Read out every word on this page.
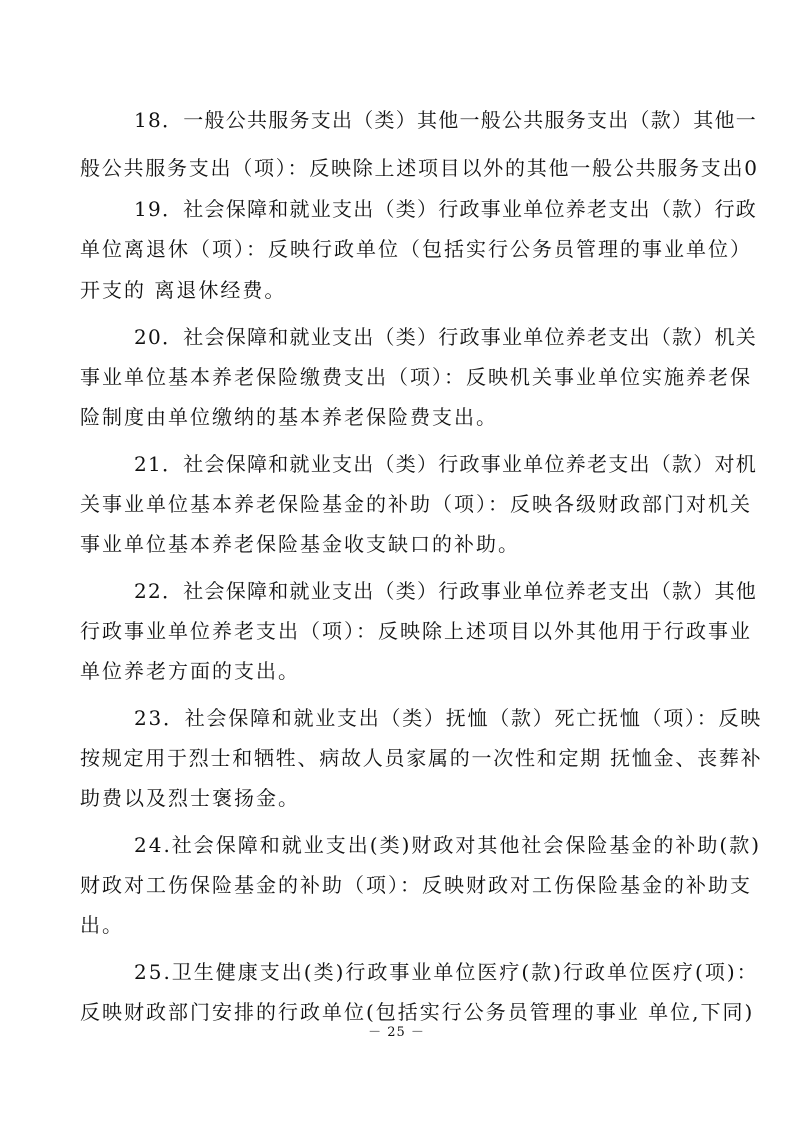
18．一般公共服务支出（类）其他一般公共服务支出（款）其他一
般公共服务支出（项）：反映除上述项目以外的其他一般公共服务支出0
19．社会保障和就业支出（类）行政事业单位养老支出（款）行政
单位离退休（项）：反映行政单位（包括实行公务员管理的事业单位）
开支的 离退休经费。
20．社会保障和就业支出（类）行政事业单位养老支出（款）机关
事业单位基本养老保险缴费支出（项）：反映机关事业单位实施养老保
险制度由单位缴纳的基本养老保险费支出。
21．社会保障和就业支出（类）行政事业单位养老支出（款）对机
关事业单位基本养老保险基金的补助（项）：反映各级财政部门对机关
事业单位基本养老保险基金收支缺口的补助。
22．社会保障和就业支出（类）行政事业单位养老支出（款）其他
行政事业单位养老支出（项）：反映除上述项目以外其他用于行政事业
单位养老方面的支出。
23．社会保障和就业支出（类）抚恤（款）死亡抚恤（项）：反映
按规定用于烈士和牺牲、病故人员家属的一次性和定期 抚恤金、丧葬补
助费以及烈士褒扬金。
24.社会保障和就业支出(类)财政对其他社会保险基金的补助(款)
财政对工伤保险基金的补助（项）：反映财政对工伤保险基金的补助支
出。
25.卫生健康支出(类)行政事业单位医疗(款)行政单位医疗(项)：
反映财政部门安排的行政单位(包括实行公务员管理的事业 单位,下同)
－ 25 －
